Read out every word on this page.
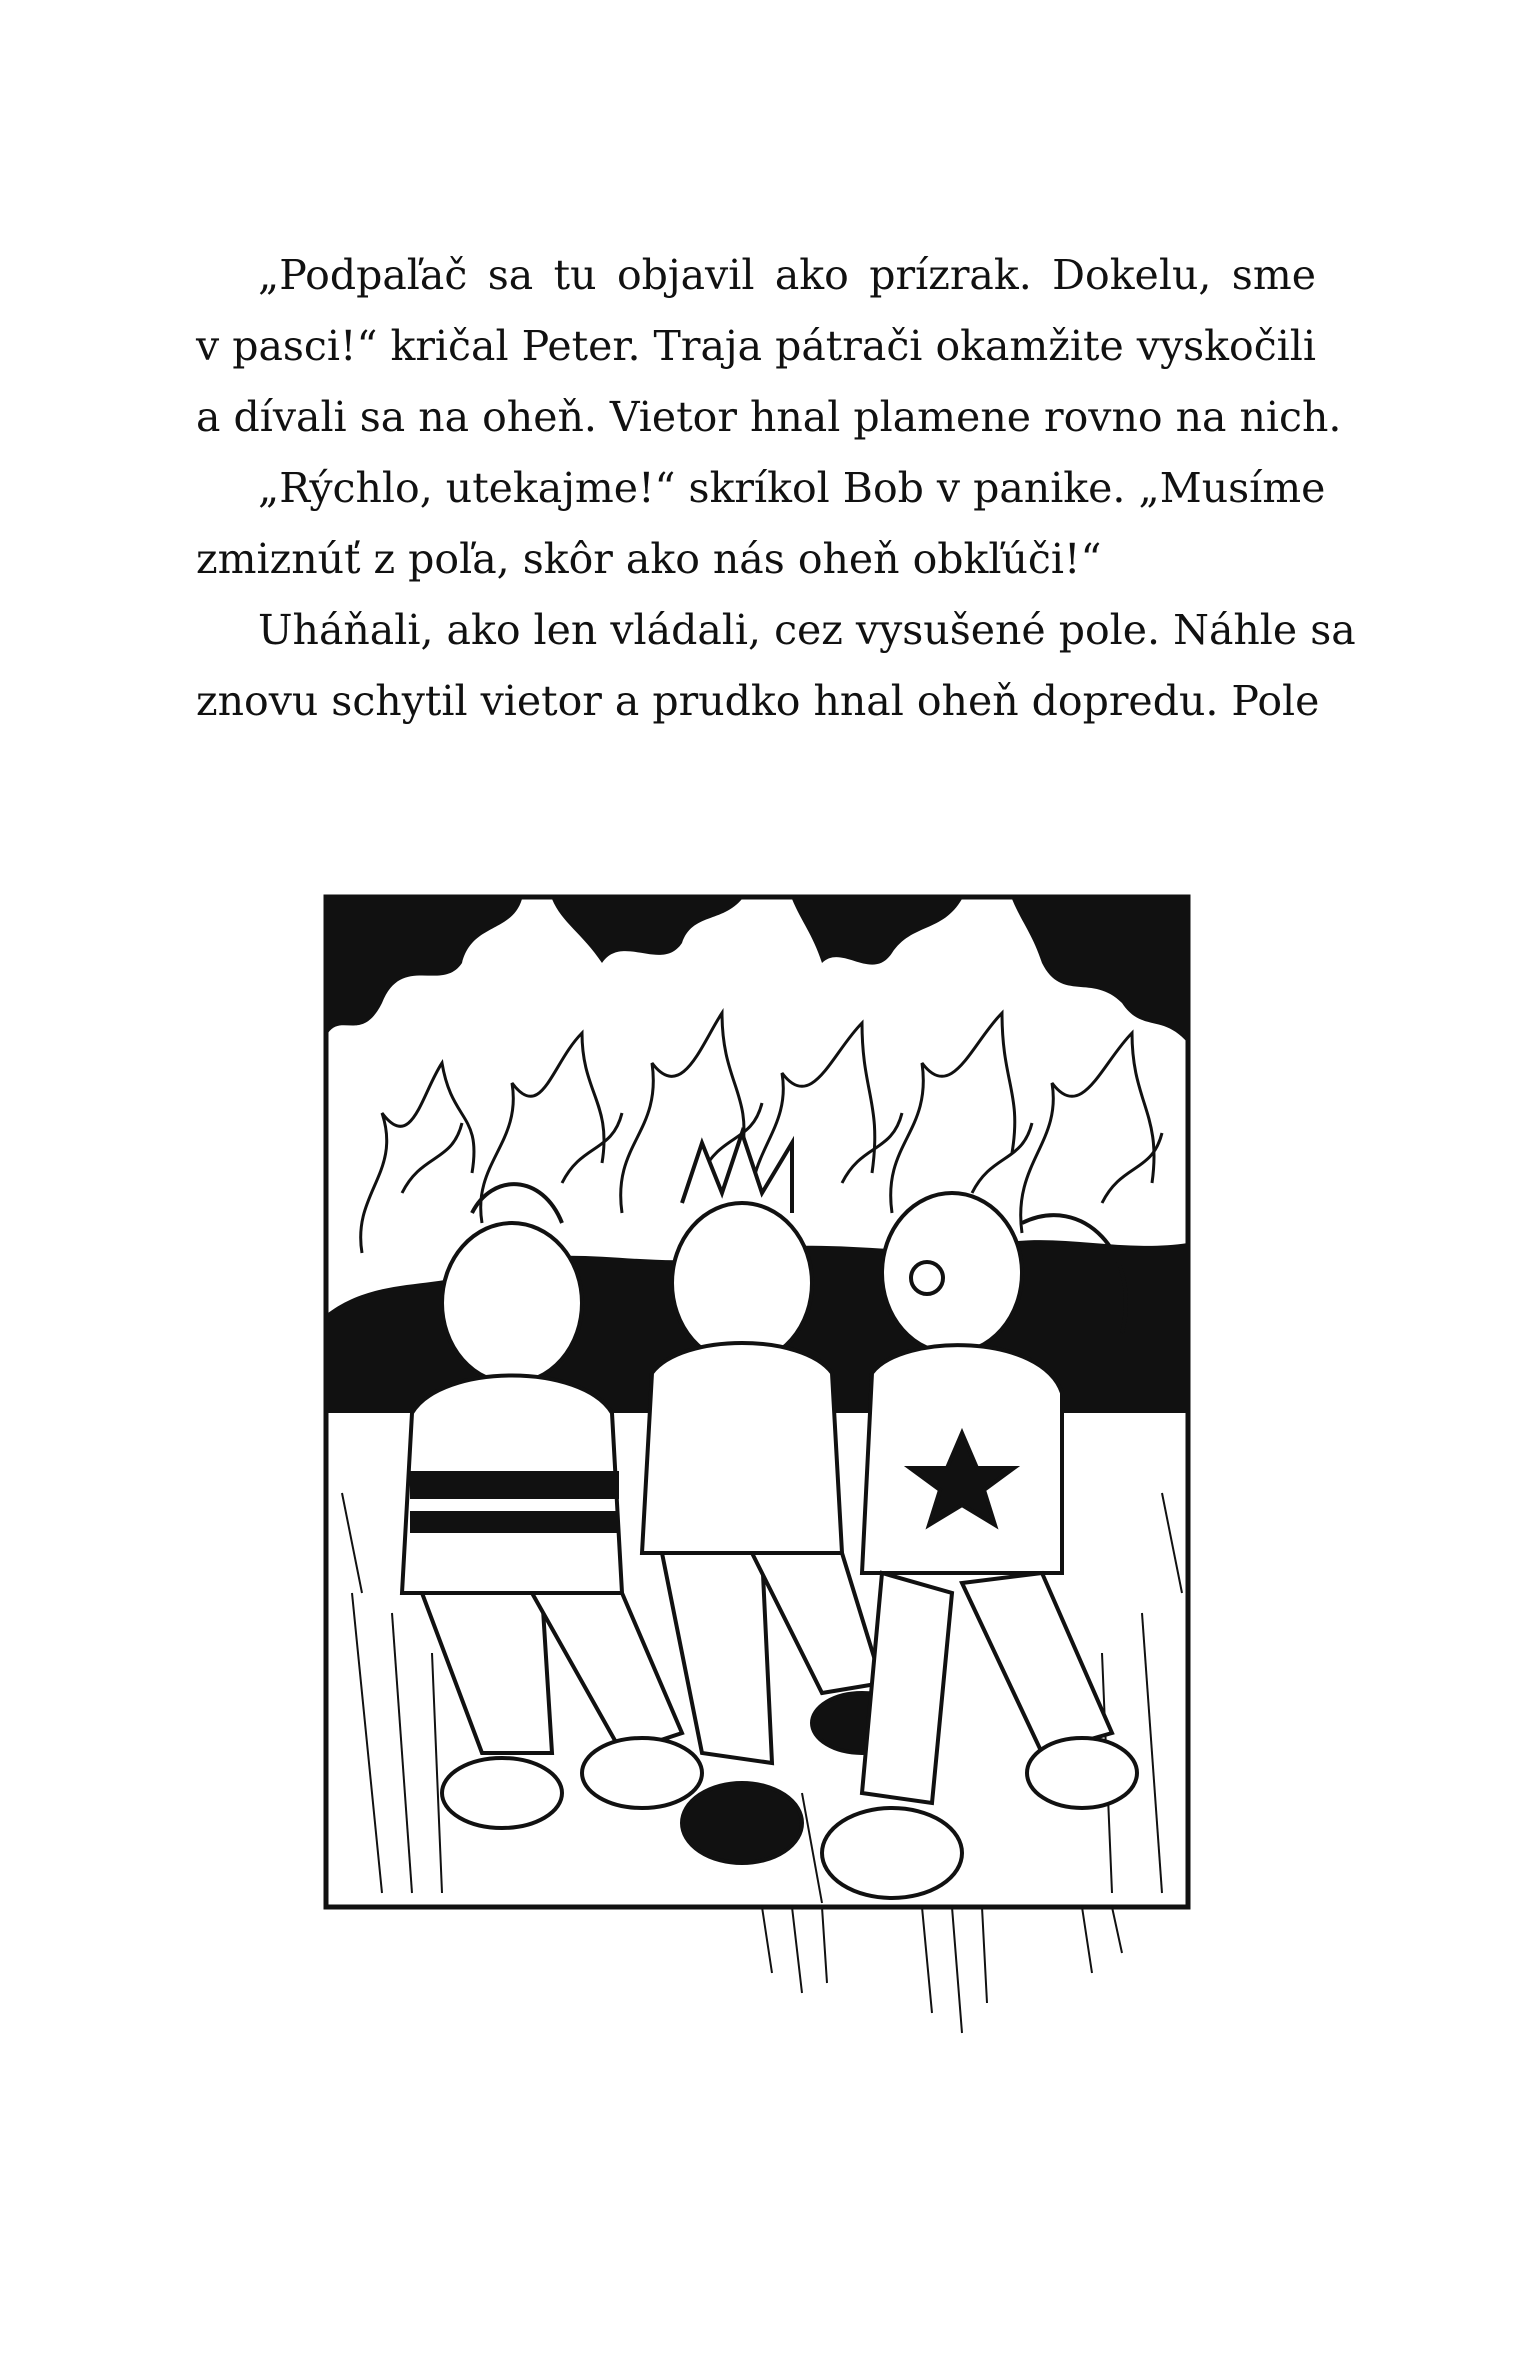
„Podpaľač sa tu objavil ako prízrak. Dokelu, sme
v pasci!“ kričal Peter. Traja pátrači okamžite vyskočili
a dívali sa na oheň. Vietor hnal plamene rovno na nich.

„Rýchlo, utekajme!“ skríkol Bob v panike. „Musíme
zmiznúť z poľa, skôr ako nás oheň obkľúči!“

Uháňali, ako len vládali, cez vysušené pole. Náhle sa
znovu schytil vietor a prudko hnal oheň dopredu. Pole
